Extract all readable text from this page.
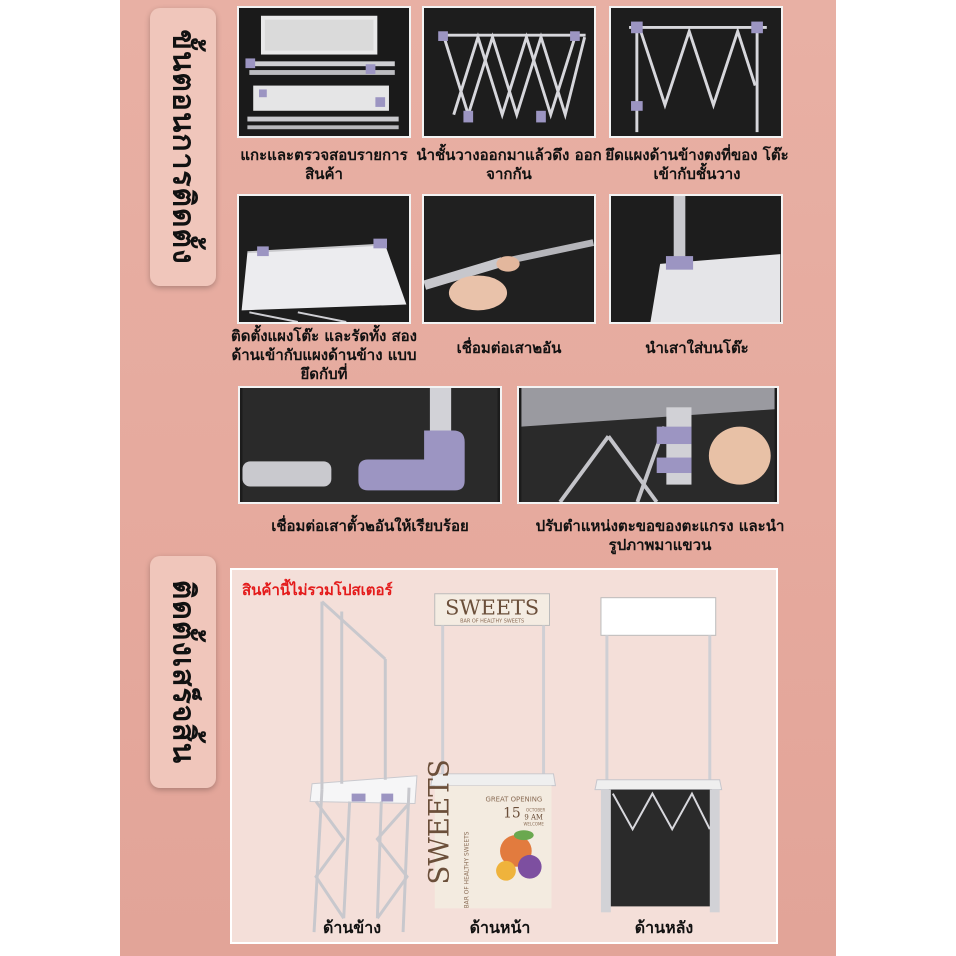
ขั้นตอนการติดตั้ง
ติดตั้งเสร็จสิ้น
แกะและตรวจสอบรายการ สินค้า
นำชั้นวางออกมาแล้วดึง ออกจากกัน
ยึดแผงด้านข้างตงที่ของ โต๊ะเข้ากับชั้นวาง
ติดตั้งแผงโต๊ะ และรัดทั้ง สองด้านเข้ากับแผงด้านข้าง แบบยึดกับที่
เชื่อมต่อเสา๒อัน	นำเสาใส่บนโต๊ะ
เชื่อมต่อเสาตั้ว๒อันให้เรียบร้อย	ปรับตำแหน่งตะขอของตะแกรง และนำรูปภาพมาแขวน
สินค้านี้ไม่รวมโปสเตอร์
SWEETS
BAR OF HEALTHY SWEETS
SWEETS BAR OF HEALTHY SWEETS
GREAT OPENING
15 OCTOBER
9 AM
WELCOME
ด้านข้าง	ด้านหน้า	ด้านหลัง
